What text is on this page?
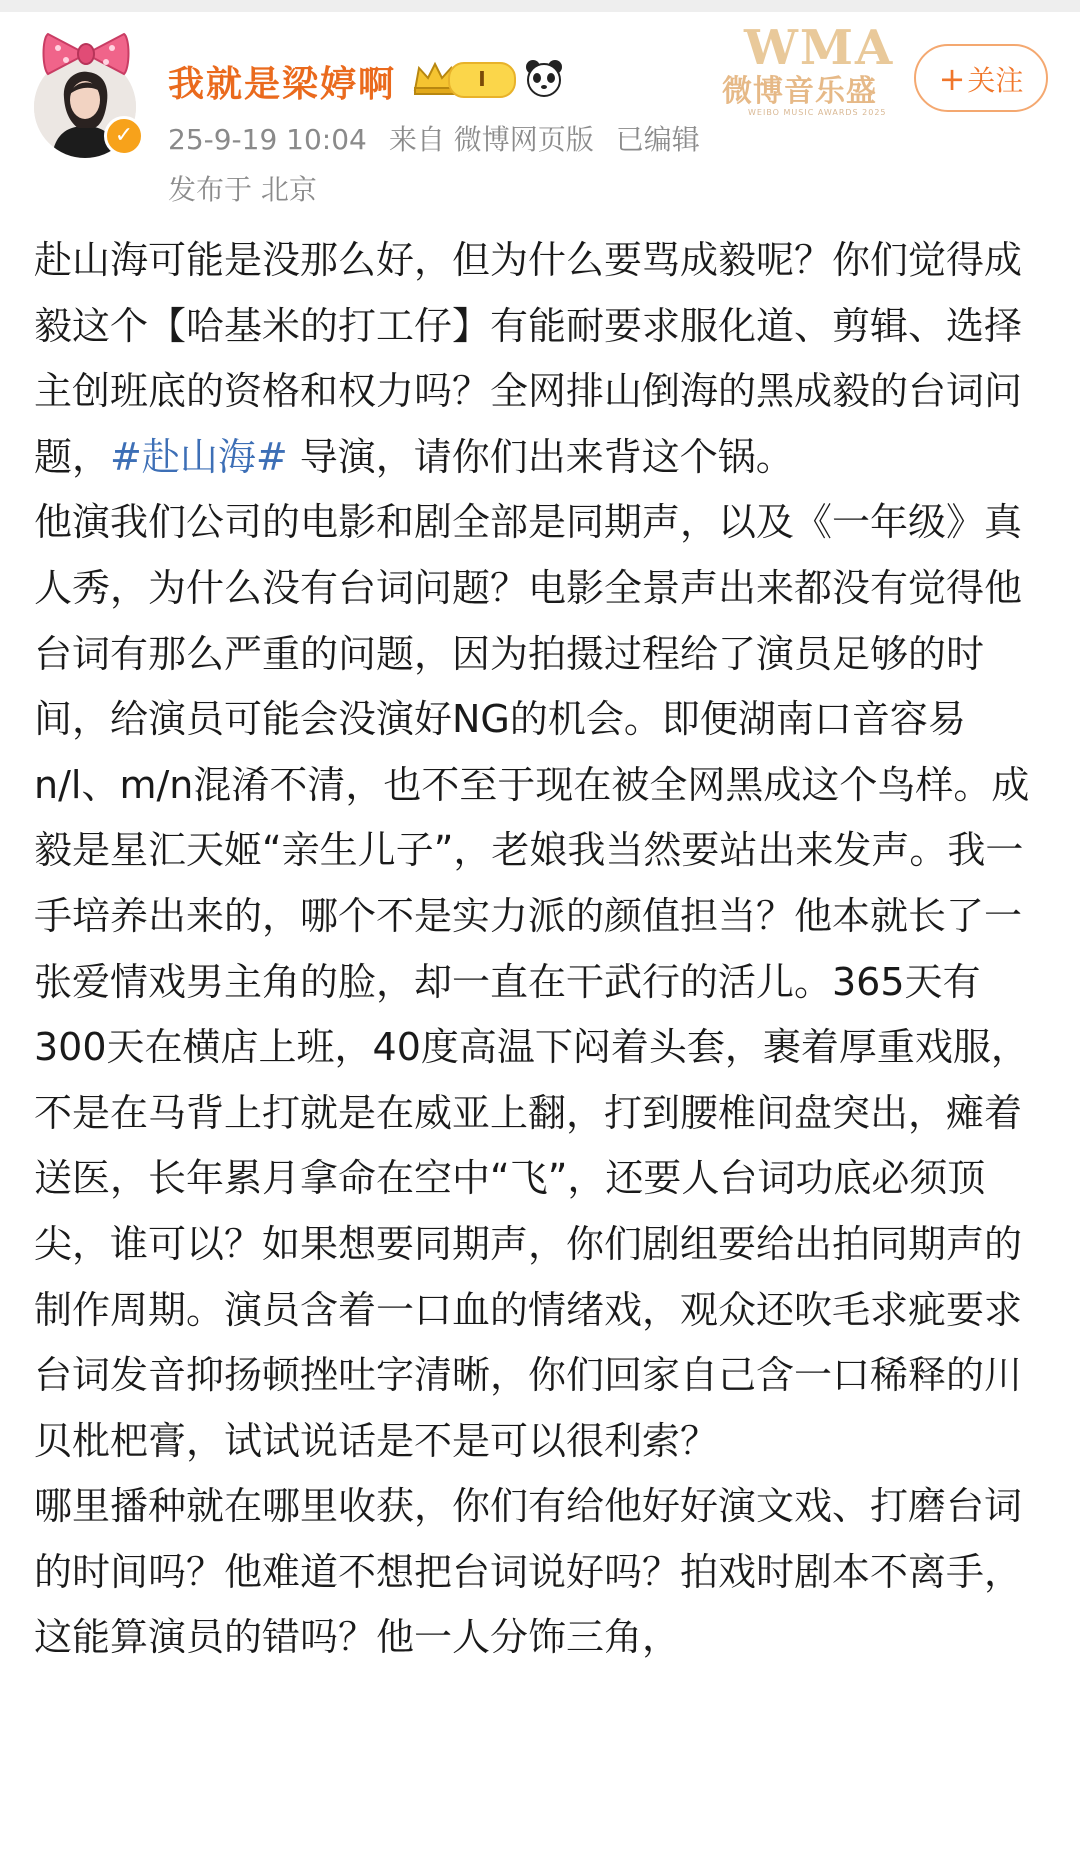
✓
我就是梁婷啊	I
25-9-19 10:04 来自 微博网页版 已编辑
发布于 北京
WMA
微博音乐盛
WEIBO MUSIC AWARDS 2025
+关注

赴山海可能是没那么好，但为什么要骂成毅呢？你们觉得成毅这个【哈基米的打工仔】有能耐要求服化道、剪辑、选择主创班底的资格和权力吗？全网排山倒海的黑成毅的台词问题，#赴山海# 导演，请你们出来背这个锅。

他演我们公司的电影和剧全部是同期声，以及《一年级》真人秀，为什么没有台词问题？电影全景声出来都没有觉得他台词有那么严重的问题，因为拍摄过程给了演员足够的时间，给演员可能会没演好NG的机会。即便湖南口音容易n/l、m/n混淆不清，也不至于现在被全网黑成这个鸟样。成毅是星汇天姬“亲生儿子”，老娘我当然要站出来发声。我一手培养出来的，哪个不是实力派的颜值担当？他本就长了一张爱情戏男主角的脸，却一直在干武行的活儿。365天有300天在横店上班，40度高温下闷着头套，裹着厚重戏服，不是在马背上打就是在威亚上翻，打到腰椎间盘突出，瘫着送医，长年累月拿命在空中“飞”，还要人台词功底必须顶尖，谁可以？如果想要同期声，你们剧组要给出拍同期声的制作周期。演员含着一口血的情绪戏，观众还吹毛求疵要求台词发音抑扬顿挫吐字清晰，你们回家自己含一口稀释的川贝枇杷膏，试试说话是不是可以很利索？

哪里播种就在哪里收获，你们有给他好好演文戏、打磨台词的时间吗？他难道不想把台词说好吗？拍戏时剧本不离手，这能算演员的错吗？他一人分饰三角，
